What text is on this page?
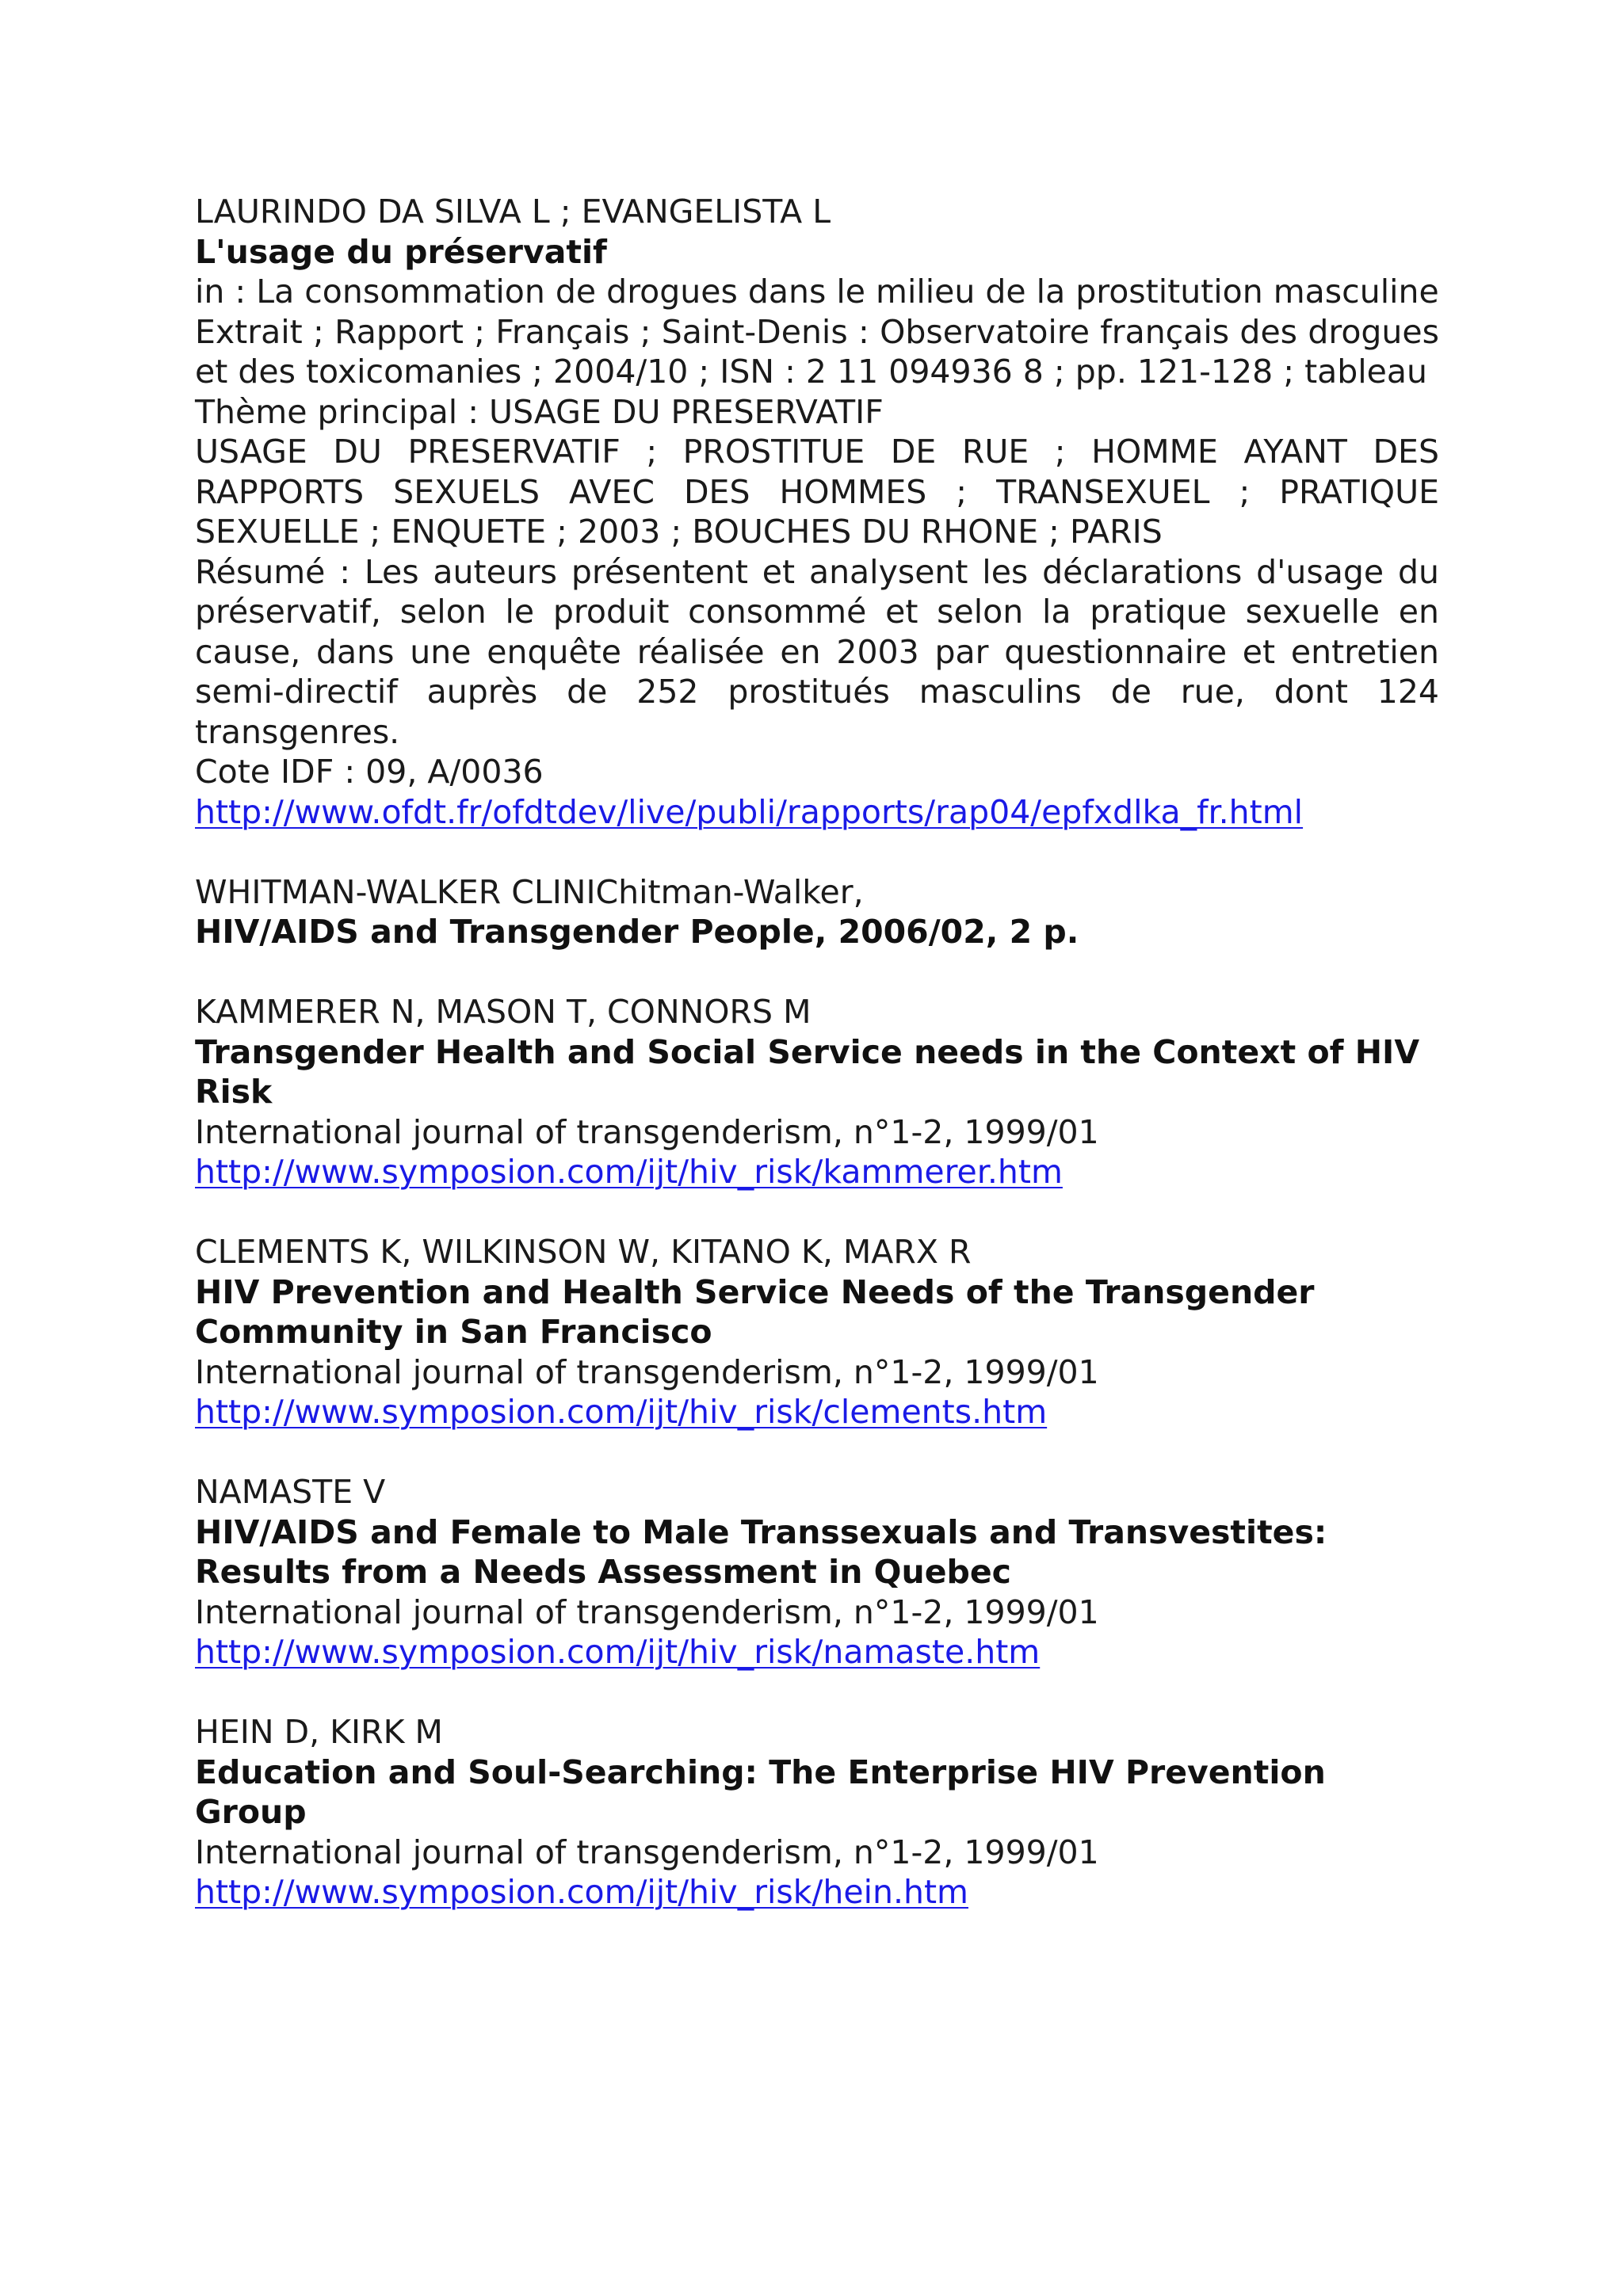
LAURINDO DA SILVA L ; EVANGELISTA L

L'usage du préservatif

in : La consommation de drogues dans le milieu de la prostitution masculine

Extrait ; Rapport ; Français ; Saint-Denis : Observatoire français des drogues et des toxicomanies ; 2004/10 ; ISN : 2 11 094936 8 ; pp. 121-128 ; tableau

Thème principal : USAGE DU PRESERVATIF

USAGE DU PRESERVATIF ; PROSTITUE DE RUE ; HOMME AYANT DES RAPPORTS SEXUELS AVEC DES HOMMES ; TRANSEXUEL ; PRATIQUE SEXUELLE ; ENQUETE ; 2003 ; BOUCHES DU RHONE ; PARIS

Résumé : Les auteurs présentent et analysent les déclarations d'usage du préservatif, selon le produit consommé et selon la pratique sexuelle en cause, dans une enquête réalisée en 2003 par questionnaire et entretien semi-directif auprès de 252 prostitués masculins de rue, dont 124 transgenres.

Cote IDF : 09, A/0036

http://www.ofdt.fr/ofdtdev/live/publi/rapports/rap04/epfxdlka_fr.html

WHITMAN-WALKER CLINIChitman-Walker,

HIV/AIDS and Transgender People, 2006/02, 2 p.

KAMMERER N, MASON T, CONNORS M

Transgender Health and Social Service needs in the Context of HIV Risk

International journal of transgenderism, n°1-2, 1999/01

http://www.symposion.com/ijt/hiv_risk/kammerer.htm

CLEMENTS K, WILKINSON W, KITANO K, MARX R

HIV Prevention and Health Service Needs of the Transgender Community in San Francisco

International journal of transgenderism, n°1-2, 1999/01

http://www.symposion.com/ijt/hiv_risk/clements.htm

NAMASTE V

HIV/AIDS and Female to Male Transsexuals and Transvestites: Results from a Needs Assessment in Quebec

International journal of transgenderism, n°1-2, 1999/01

http://www.symposion.com/ijt/hiv_risk/namaste.htm

HEIN D, KIRK M

Education and Soul-Searching: The Enterprise HIV Prevention Group

International journal of transgenderism, n°1-2, 1999/01

http://www.symposion.com/ijt/hiv_risk/hein.htm
